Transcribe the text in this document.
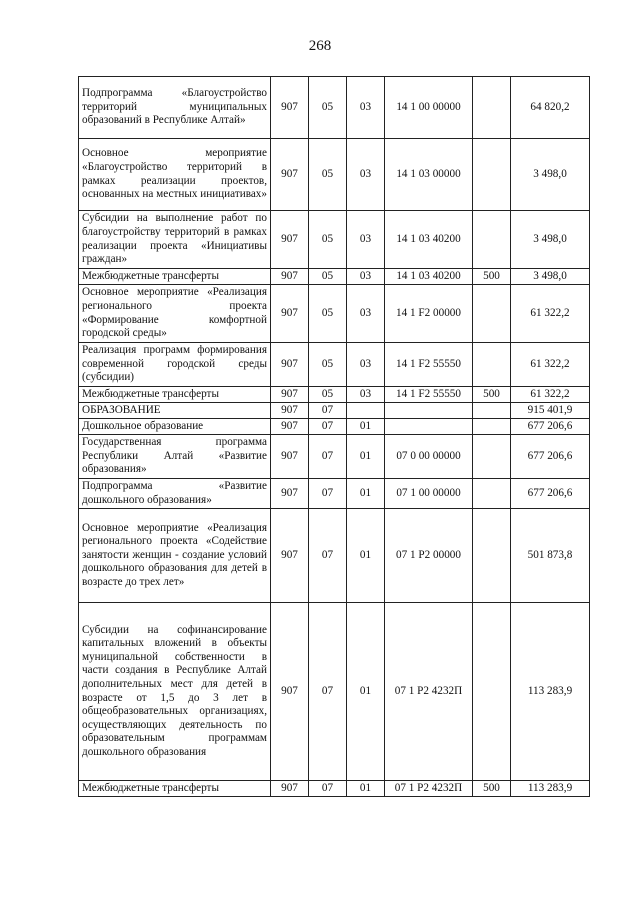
268
Подпрограмма «Благоустройство территорий муниципальных образований в Республике Алтай»	907	05	03	14 1 00 00000		64 820,2
Основное мероприятие «Благоустройство территорий в рамках реализации проектов, основанных на местных инициативах»	907	05	03	14 1 03 00000		3 498,0
Субсидии на выполнение работ по благоустройству территорий в рамках реализации проекта «Инициативы граждан»	907	05	03	14 1 03 40200		3 498,0
Межбюджетные трансферты	907	05	03	14 1 03 40200	500	3 498,0
Основное мероприятие «Реализация регионального проекта «Формирование комфортной городской среды»	907	05	03	14 1 F2 00000		61 322,2
Реализация программ формирования современной городской среды (субсидии)	907	05	03	14 1 F2 55550		61 322,2
Межбюджетные трансферты	907	05	03	14 1 F2 55550	500	61 322,2
ОБРАЗОВАНИЕ	907	07				915 401,9
Дошкольное образование	907	07	01			677 206,6
Государственная программа Республики Алтай «Развитие образования»	907	07	01	07 0 00 00000		677 206,6
Подпрограмма «Развитие дошкольного образования»	907	07	01	07 1 00 00000		677 206,6
Основное мероприятие «Реализация регионального проекта «Содействие занятости женщин - создание условий дошкольного образования для детей в возрасте до трех лет»	907	07	01	07 1 P2 00000		501 873,8
Субсидии на софинансирование капитальных вложений в объекты муниципальной собственности в части создания в Республике Алтай дополнительных мест для детей в возрасте от 1,5 до 3 лет в общеобразовательных организациях, осуществляющих деятельность по образовательным программам дошкольного образования	907	07	01	07 1 P2 4232П		113 283,9
Межбюджетные трансферты	907	07	01	07 1 P2 4232П	500	113 283,9
